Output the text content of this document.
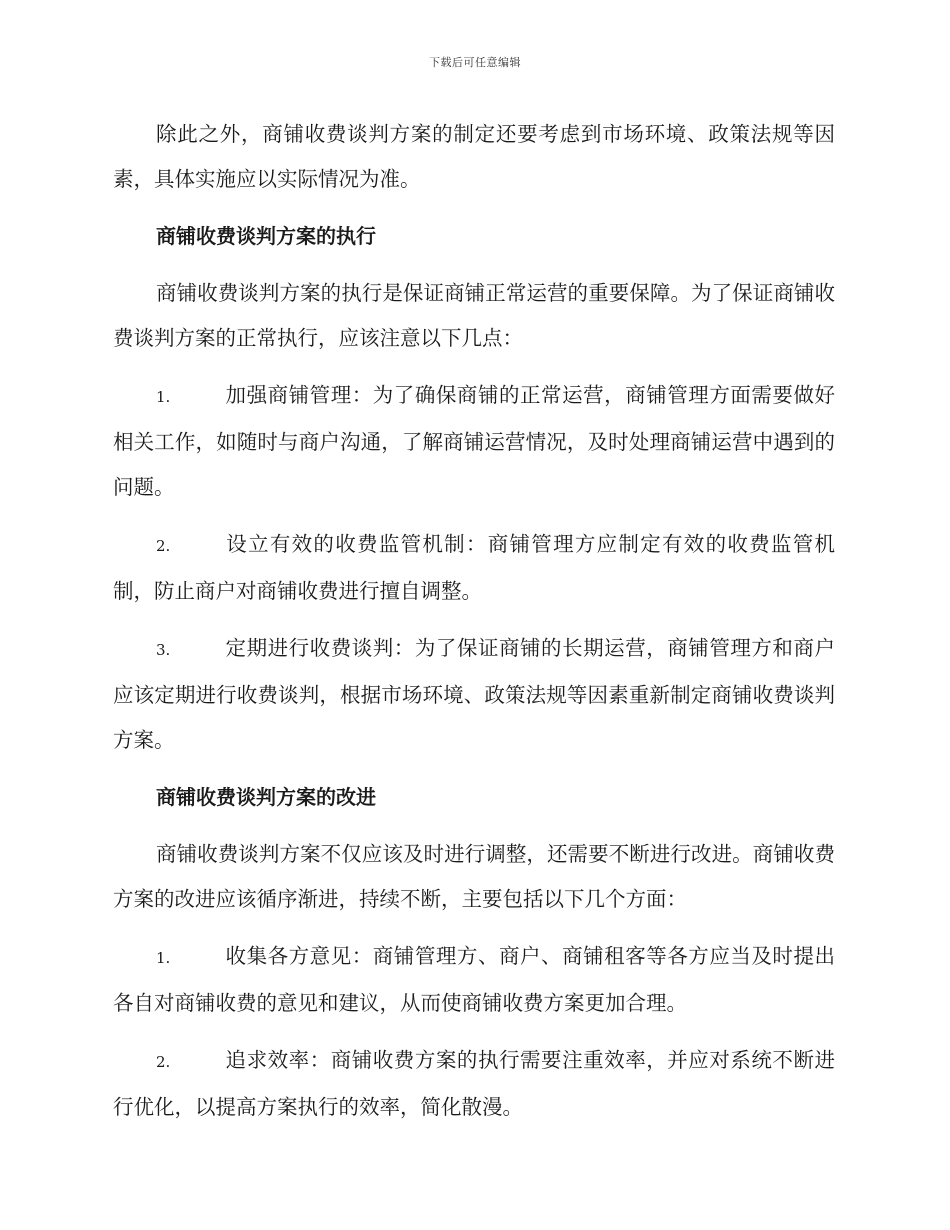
下载后可任意编辑

除此之外，商铺收费谈判方案的制定还要考虑到市场环境、政策法规等因素，具体实施应以实际情况为准。

商铺收费谈判方案的执行

商铺收费谈判方案的执行是保证商铺正常运营的重要保障。为了保证商铺收费谈判方案的正常执行，应该注意以下几点：

1.	加强商铺管理：为了确保商铺的正常运营，商铺管理方面需要做好相关工作，如随时与商户沟通，了解商铺运营情况，及时处理商铺运营中遇到的问题。

2.	设立有效的收费监管机制：商铺管理方应制定有效的收费监管机制，防止商户对商铺收费进行擅自调整。

3.	定期进行收费谈判：为了保证商铺的长期运营，商铺管理方和商户应该定期进行收费谈判，根据市场环境、政策法规等因素重新制定商铺收费谈判方案。

商铺收费谈判方案的改进

商铺收费谈判方案不仅应该及时进行调整，还需要不断进行改进。商铺收费方案的改进应该循序渐进，持续不断，主要包括以下几个方面：

1.	收集各方意见：商铺管理方、商户、商铺租客等各方应当及时提出各自对商铺收费的意见和建议，从而使商铺收费方案更加合理。

2.	追求效率：商铺收费方案的执行需要注重效率，并应对系统不断进行优化，以提高方案执行的效率，简化散漫。
